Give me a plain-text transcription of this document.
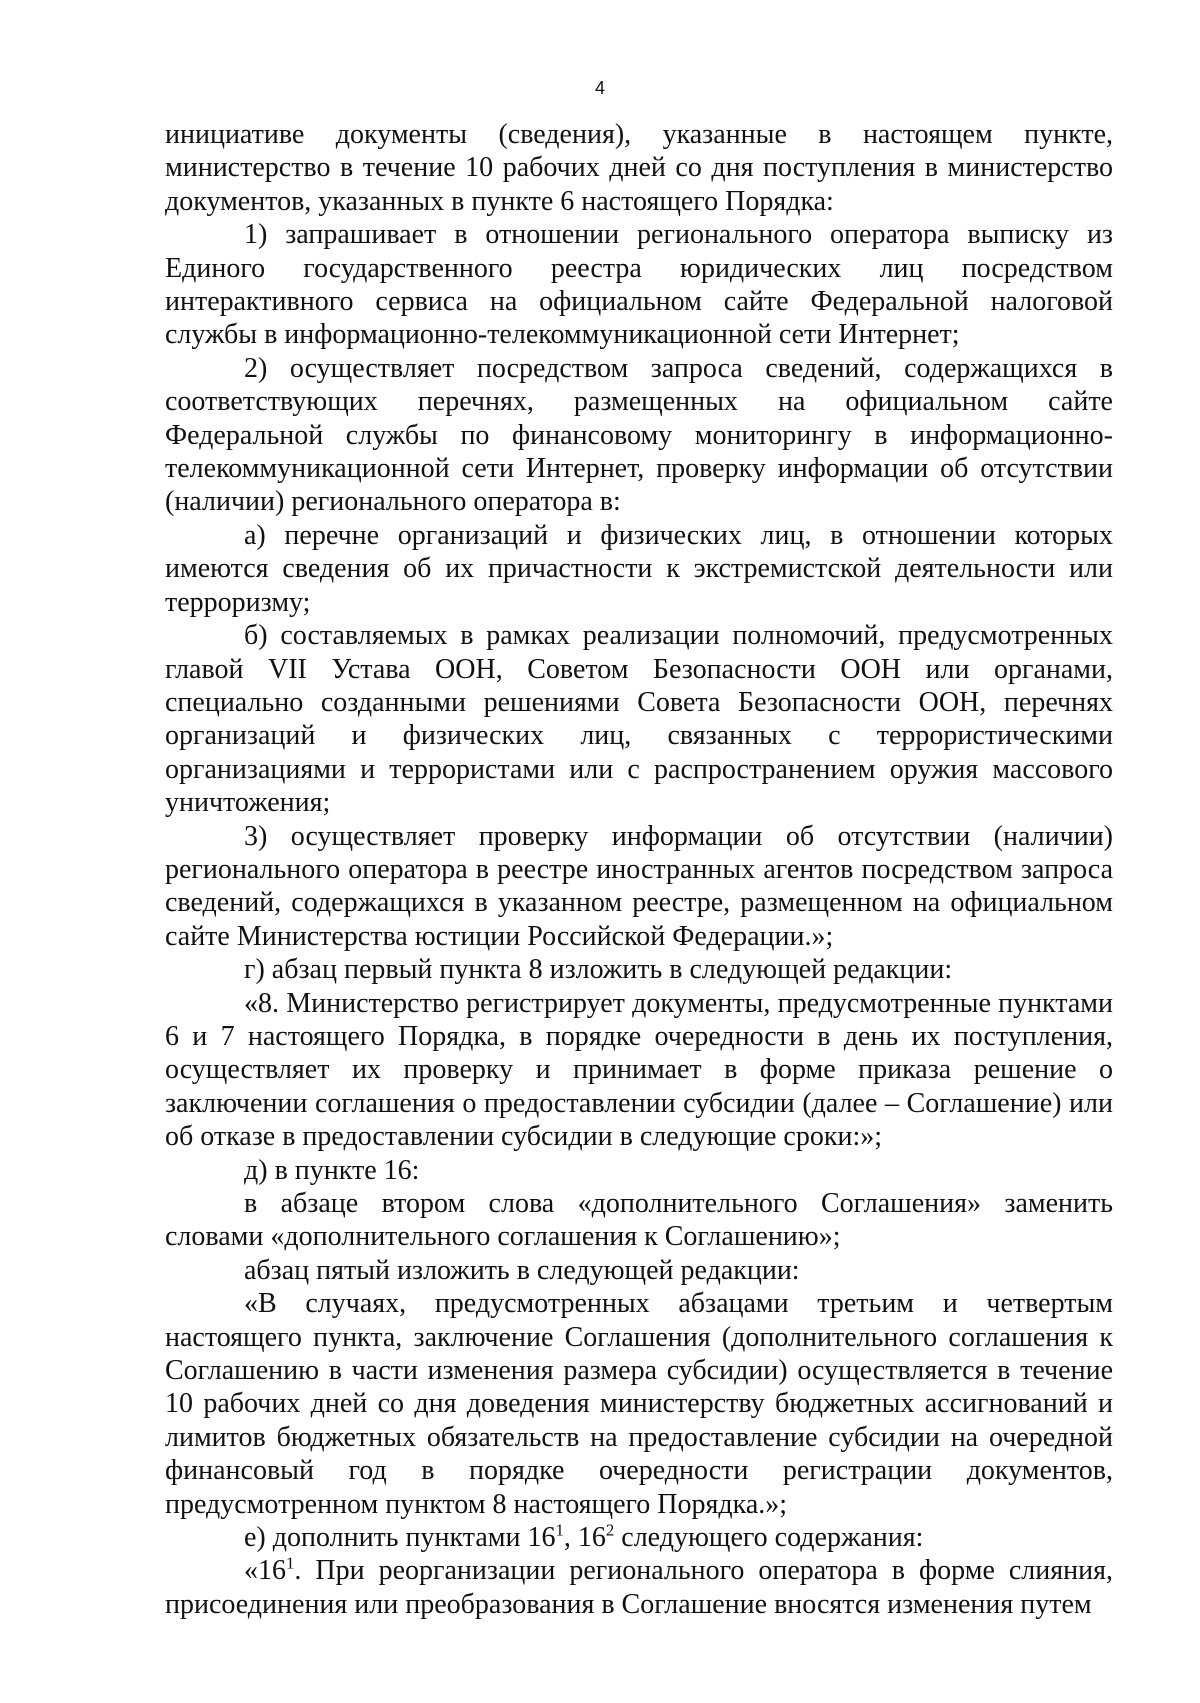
4

инициативе документы (сведения), указанные в настоящем пункте, министерство в течение 10 рабочих дней со дня поступления в министерство документов, указанных в пункте 6 настоящего Порядка:

1) запрашивает в отношении регионального оператора выписку из Единого государственного реестра юридических лиц посредством интерактивного сервиса на официальном сайте Федеральной налоговой службы в информационно-телекоммуникационной сети Интернет;

2) осуществляет посредством запроса сведений, содержащихся в соответствующих перечнях, размещенных на официальном сайте Федеральной службы по финансовому мониторингу в информационно-телекоммуникационной сети Интернет, проверку информации об отсутствии (наличии) регионального оператора в:

а) перечне организаций и физических лиц, в отношении которых имеются сведения об их причастности к экстремистской деятельности или терроризму;

б) составляемых в рамках реализации полномочий, предусмотренных главой VII Устава ООН, Советом Безопасности ООН или органами, специально созданными решениями Совета Безопасности ООН, перечнях организаций и физических лиц, связанных с террористическими организациями и террористами или с распространением оружия массового уничтожения;

3) осуществляет проверку информации об отсутствии (наличии) регионального оператора в реестре иностранных агентов посредством запроса сведений, содержащихся в указанном реестре, размещенном на официальном сайте Министерства юстиции Российской Федерации.»;

г) абзац первый пункта 8 изложить в следующей редакции:

«8. Министерство регистрирует документы, предусмотренные пунктами 6 и 7 настоящего Порядка, в порядке очередности в день их поступления, осуществляет их проверку и принимает в форме приказа решение о заключении соглашения о предоставлении субсидии (далее – Соглашение) или об отказе в предоставлении субсидии в следующие сроки:»;

д) в пункте 16:

в абзаце втором слова «дополнительного Соглашения» заменить словами «дополнительного соглашения к Соглашению»;

абзац пятый изложить в следующей редакции:

«В случаях, предусмотренных абзацами третьим и четвертым настоящего пункта, заключение Соглашения (дополнительного соглашения к Соглашению в части изменения размера субсидии) осуществляется в течение 10 рабочих дней со дня доведения министерству бюджетных ассигнований и лимитов бюджетных обязательств на предоставление субсидии на очередной финансовый год в порядке очередности регистрации документов, предусмотренном пунктом 8 настоящего Порядка.»;

е) дополнить пунктами $16^1$, $16^2$ следующего содержания:

«$16^1$. При реорганизации регионального оператора в форме слияния, присоединения или преобразования в Соглашение вносятся изменения путем
